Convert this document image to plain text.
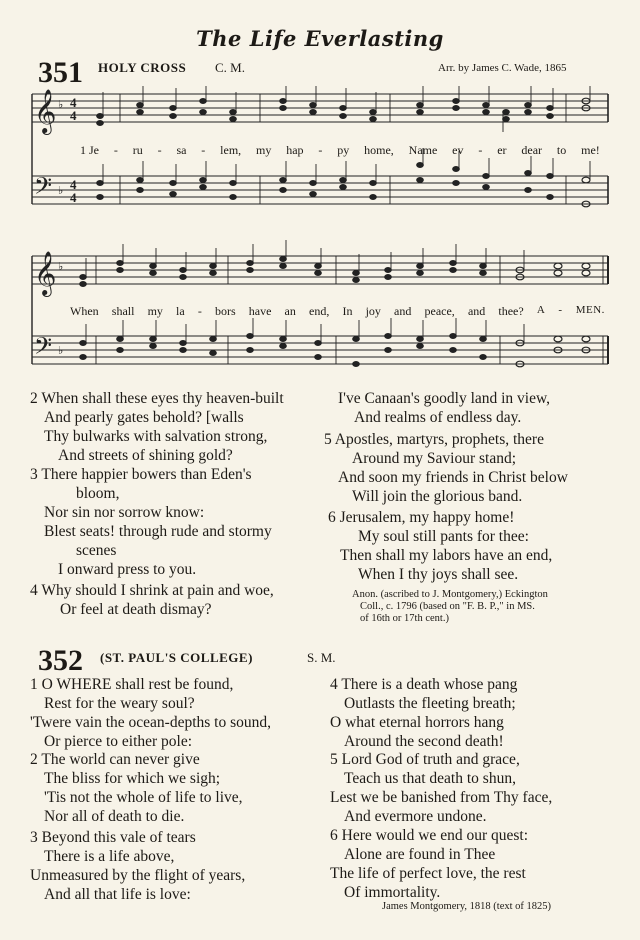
The Life Everlasting
351 HOLY CROSS C. M.	Arr. by James C. Wade, 1865
𝄞
𝄢
♭
♭
4
4
4
4
1 Je - ru - sa - lem, my hap - py home, Name ev - er dear to me!
𝄞
𝄢
♭
♭
When shall my la - bors have an end, In joy and peace, and thee? A - MEN.
2 When shall these eyes thy heaven-built
And pearly gates behold? [walls
Thy bulwarks with salvation strong,
And streets of shining gold?
3 There happier bowers than Eden's
bloom,
Nor sin nor sorrow know:
Blest seats! through rude and stormy
scenes
I onward press to you.
4 Why should I shrink at pain and woe,
Or feel at death dismay?
I've Canaan's goodly land in view,
And realms of endless day.
5 Apostles, martyrs, prophets, there
Around my Saviour stand;
And soon my friends in Christ below
Will join the glorious band.
6 Jerusalem, my happy home!
My soul still pants for thee:
Then shall my labors have an end,
When I thy joys shall see.
Anon. (ascribed to J. Montgomery,) Eckington
Coll., c. 1796 (based on "F. B. P.," in MS.
of 16th or 17th cent.)
352 (ST. PAUL'S COLLEGE)	S. M.
1 O WHERE shall rest be found,
Rest for the weary soul?
'Twere vain the ocean-depths to sound,
Or pierce to either pole:
2 The world can never give
The bliss for which we sigh;
'Tis not the whole of life to live,
Nor all of death to die.
3 Beyond this vale of tears
There is a life above,
Unmeasured by the flight of years,
And all that life is love:
4 There is a death whose pang
Outlasts the fleeting breath;
O what eternal horrors hang
Around the second death!
5 Lord God of truth and grace,
Teach us that death to shun,
Lest we be banished from Thy face,
And evermore undone.
6 Here would we end our quest:
Alone are found in Thee
The life of perfect love, the rest
Of immortality.
James Montgomery, 1818 (text of 1825)
